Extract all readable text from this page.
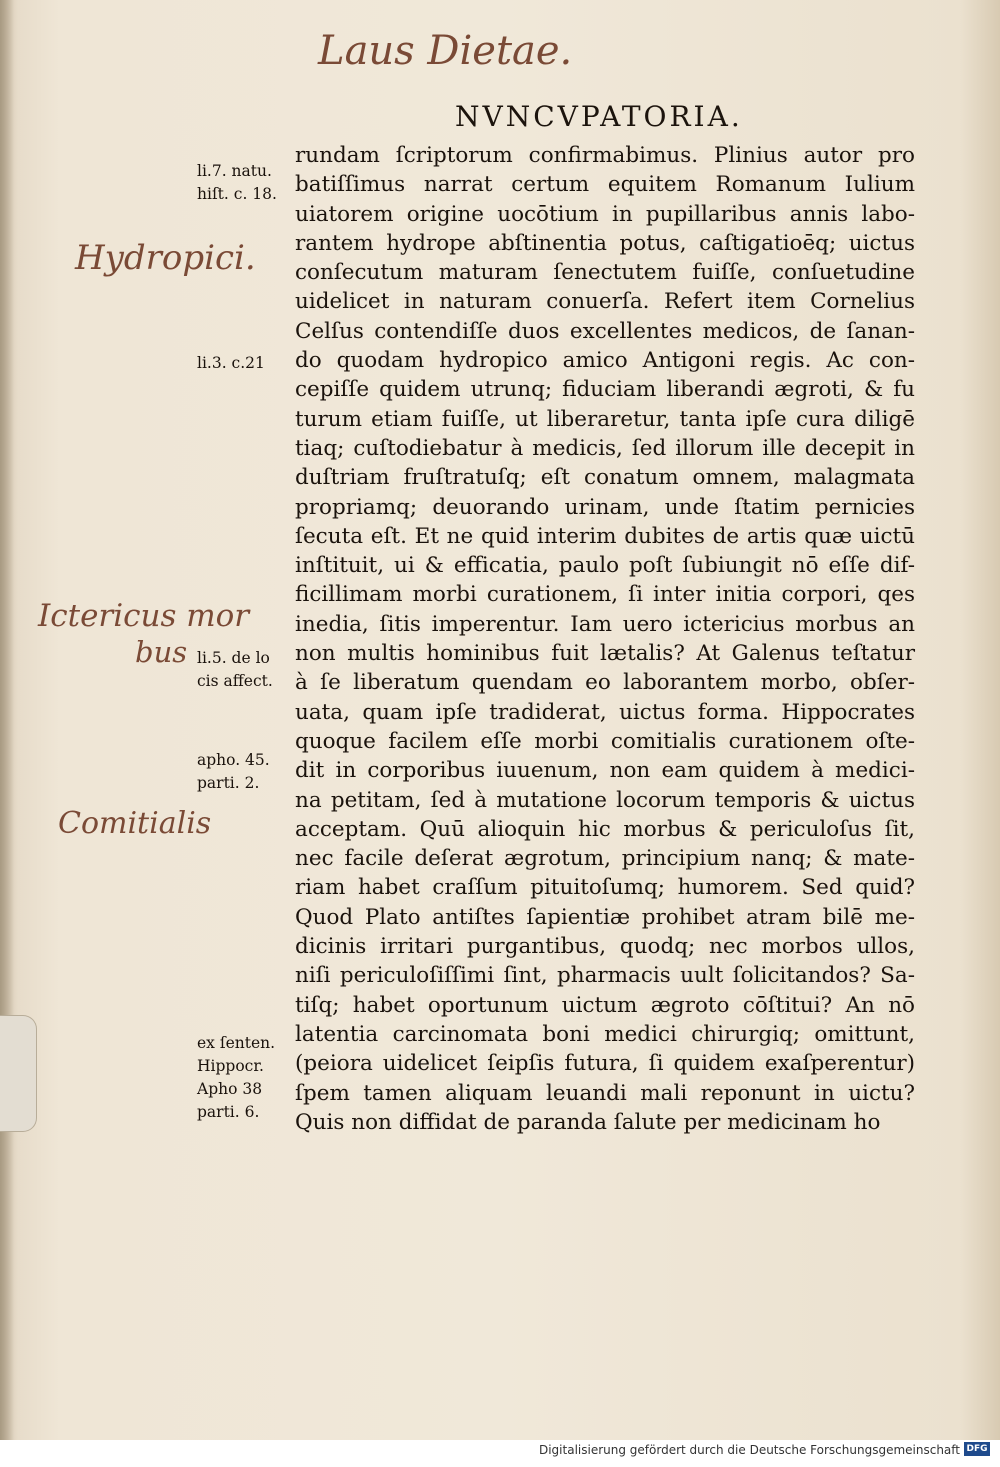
Laus Dietae.
NVNCVPATORIA.
Hydropici.
Ictericus mor
bus
Comitialis
li.7. natu.
hiſt. c. 18.
li.3. c.21
li.5. de lo
cis affect.
apho. 45.
parti. 2.
ex ſenten.
Hippocr.
Apho 38
parti. 6.
rundam ſcriptorum confirmabimus. Plinius autor pro
batiſſimus narrat certum equitem Romanum Iulium
uiatorem origine uocōtium in pupillaribus annis labo-
rantem hydrope abſtinentia potus, caſtigatioēq; uictus
conſecutum maturam ſenectutem fuiſſe, conſuetudine
uidelicet in naturam conuerſa. Refert item Cornelius
Celſus contendiſſe duos excellentes medicos, de ſanan-
do quodam hydropico amico Antigoni regis. Ac con-
cepiſſe quidem utrunq; fiduciam liberandi ægroti, & fu
turum etiam fuiſſe, ut liberaretur, tanta ipſe cura diligē
tiaq; cuſtodiebatur à medicis, ſed illorum ille decepit in
duſtriam fruſtratuſq; eſt conatum omnem, malagmata
propriamq; deuorando urinam, unde ſtatim pernicies
ſecuta eſt. Et ne quid interim dubites de artis quæ uictū
inſtituit, ui & efficatia, paulo poſt ſubiungit nō eſſe dif-
ficillimam morbi curationem, ſi inter initia corpori, qes
inedia, ſitis imperentur. Iam uero ictericius morbus an
non multis hominibus fuit lætalis? At Galenus teſtatur
à ſe liberatum quendam eo laborantem morbo, obſer-
uata, quam ipſe tradiderat, uictus forma. Hippocrates
quoque facilem eſſe morbi comitialis curationem oſte-
dit in corporibus iuuenum, non eam quidem à medici-
na petitam, ſed à mutatione locorum temporis & uictus
acceptam. Quū alioquin hic morbus & periculoſus ſit,
nec facile deſerat ægrotum, principium nanq; & mate-
riam habet craſſum pituitoſumq; humorem. Sed quid?
Quod Plato antiſtes ſapientiæ prohibet atram bilē me-
dicinis irritari purgantibus, quodq; nec morbos ullos,
niſi periculoſiſſimi ſint, pharmacis uult ſolicitandos? Sa-
tiſq; habet oportunum uictum ægroto cōſtitui? An nō
latentia carcinomata boni medici chirurgiq; omittunt,
(peiora uidelicet ſeipſis futura, ſi quidem exaſperentur)
ſpem tamen aliquam leuandi mali reponunt in uictu?
Quis non diffidat de paranda ſalute per medicinam ho
Digitalisierung gefördert durch die Deutsche Forschungsgemeinschaft DFG
